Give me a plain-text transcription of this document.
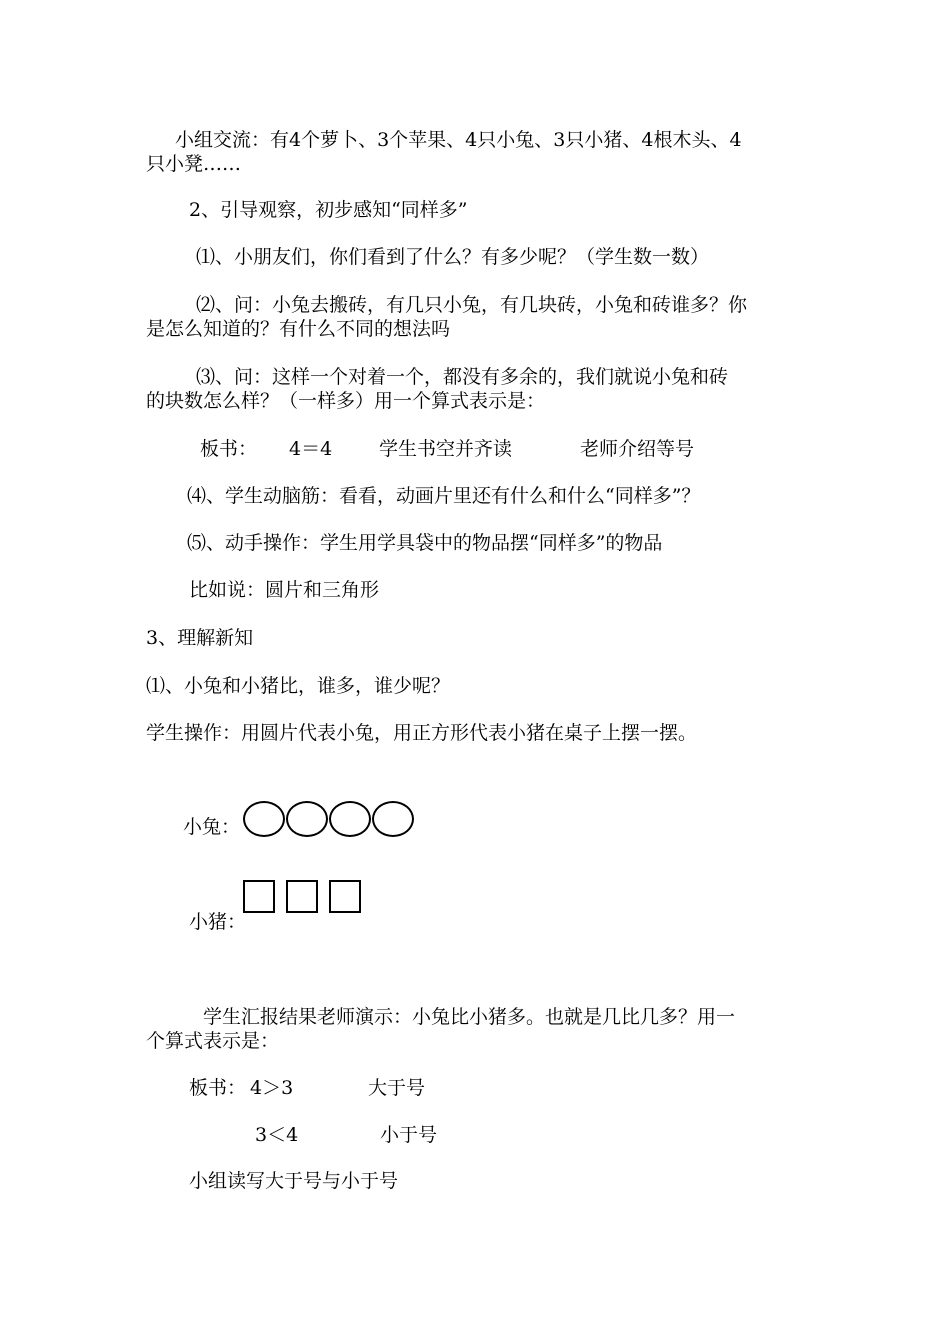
小组交流：有4个萝卜、3个苹果、4只小兔、3只小猪、4根木头、4
只小凳……
2、引导观察，初步感知“同样多”
⑴、小朋友们，你们看到了什么？有多少呢？（学生数一数）
⑵、问：小兔去搬砖，有几只小兔，有几块砖，小兔和砖谁多？你
是怎么知道的？有什么不同的想法吗
⑶、问：这样一个对着一个，都没有多余的，我们就说小兔和砖
的块数怎么样？（一样多）用一个算式表示是：
板书： 4＝4 学生书空并齐读	老师介绍等号
⑷、学生动脑筋：看看，动画片里还有什么和什么“同样多”？
⑸、动手操作：学生用学具袋中的物品摆“同样多”的物品
比如说：圆片和三角形
3、理解新知
⑴、小兔和小猪比，谁多，谁少呢？
学生操作：用圆片代表小兔，用正方形代表小猪在桌子上摆一摆。
小兔：
小猪：
学生汇报结果老师演示：小兔比小猪多。也就是几比几多？用一
个算式表示是：
板书： 4＞3	大于号
3＜4	小于号
小组读写大于号与小于号
